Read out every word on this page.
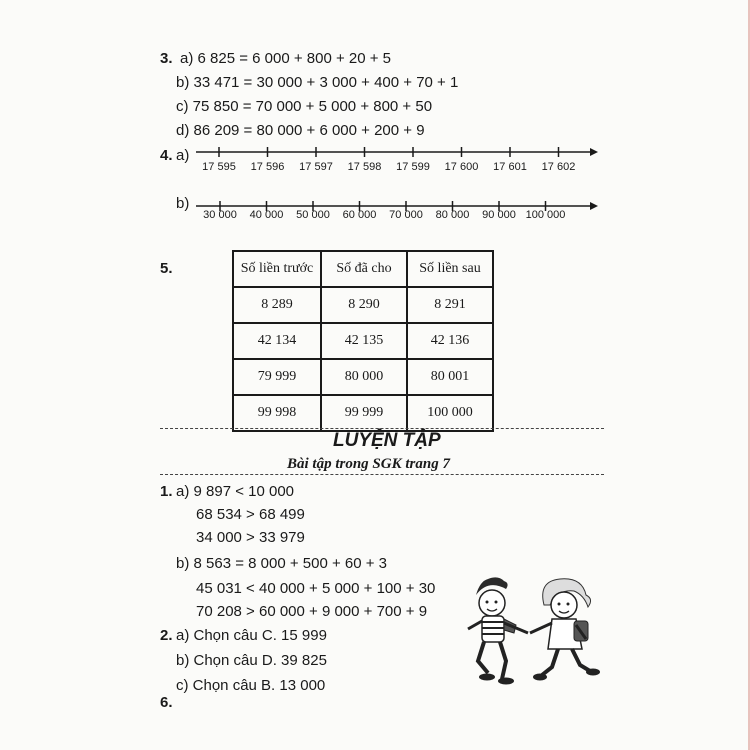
3. a) 6 825 = 6 000 + 800 + 20 + 5
b) 33 471 = 30 000 + 3 000 + 400 + 70 + 1
c) 75 850 = 70 000 + 5 000 + 800 + 50
d) 86 209 = 80 000 + 6 000 + 200 + 9
4. a)
17 595 17 596 17 597 17 598 17 599 17 600 17 601 17 602
b)
30 000 40 000 50 000 60 000 70 000 80 000 90 000 100 000
5.	Số liền trước	Số đã cho	Số liền sau
8 289	8 290	8 291
42 134	42 135	42 136
79 999	80 000	80 001
99 998	99 999	100 000
LUYỆN TẬP
Bài tập trong SGK trang 7
1. a) 9 897 < 10 000
68 534 > 68 499
34 000 > 33 979
b) 8 563 = 8 000 + 500 + 60 + 3
45 031 < 40 000 + 5 000 + 100 + 30
70 208 > 60 000 + 9 000 + 700 + 9
2. a) Chọn câu C. 15 999
b) Chọn câu D. 39 825
c) Chọn câu B. 13 000
6.
